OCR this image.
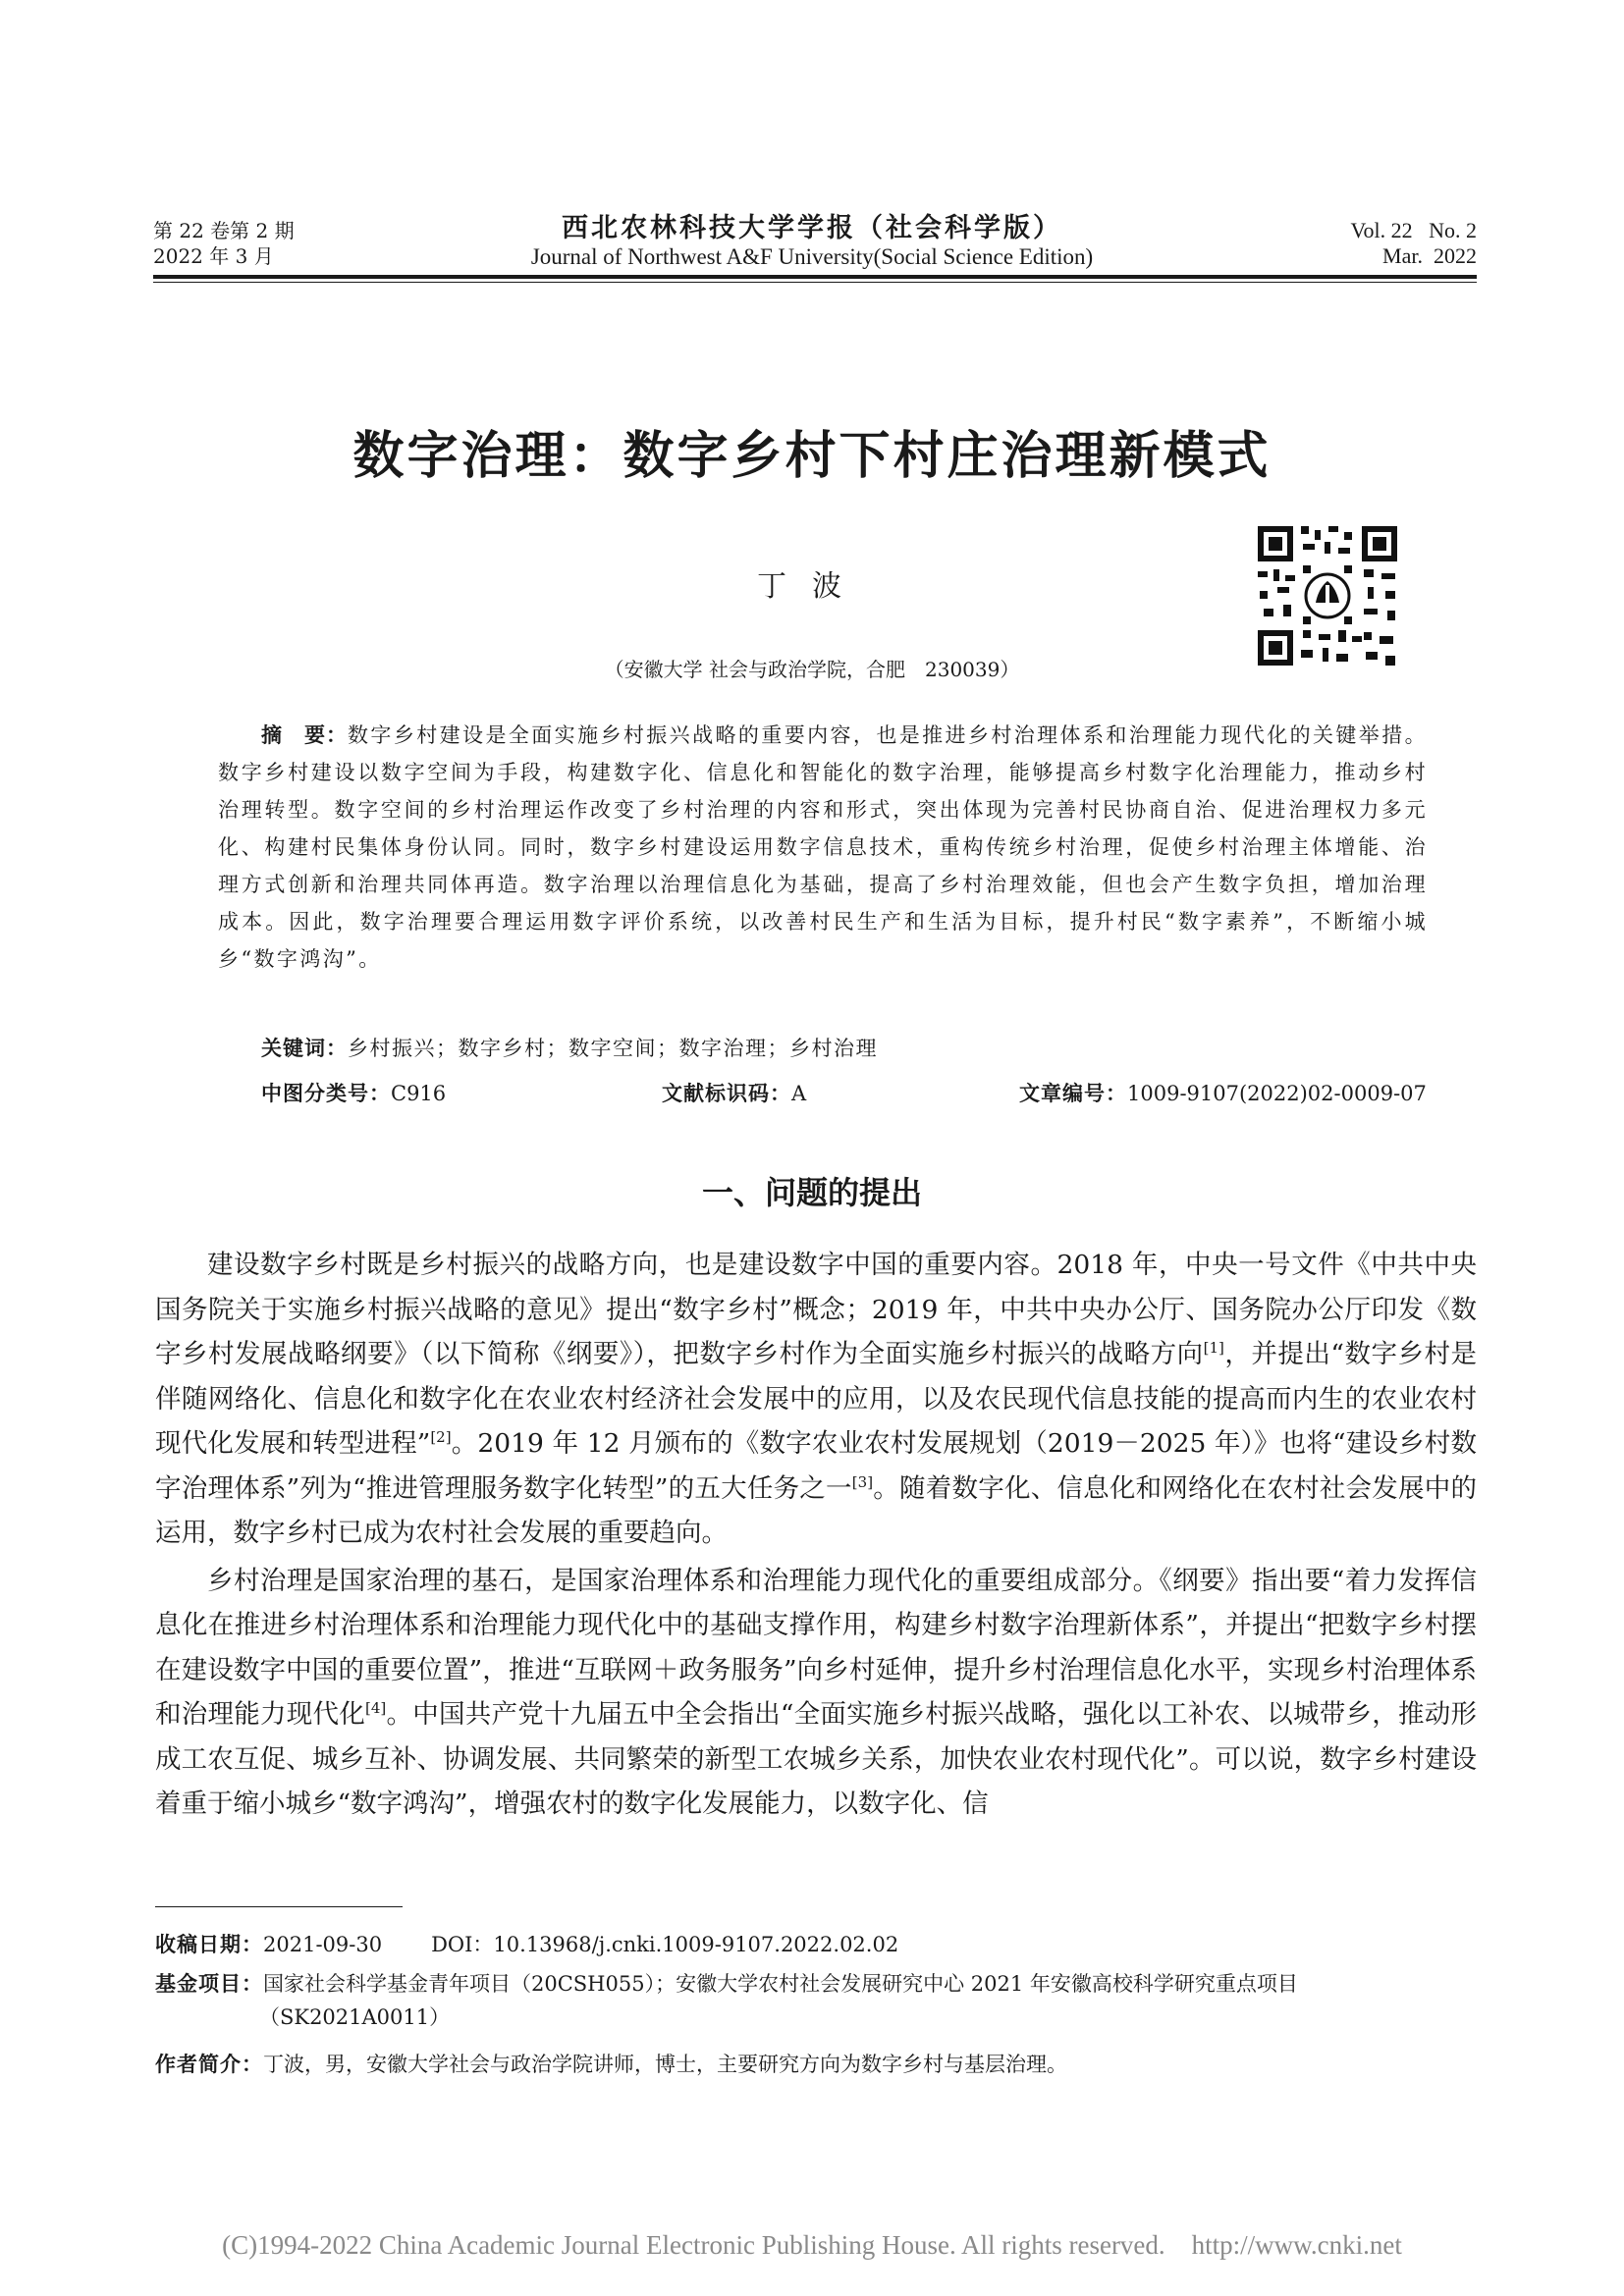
第 22 卷第 2 期
2022 年 3 月
西北农林科技大学学报（社会科学版）
Journal of Northwest A&F University(Social Science Edition)
Vol. 22   No. 2
Mar.  2022
数字治理：数字乡村下村庄治理新模式
丁波
（安徽大学 社会与政治学院，合肥　230039）
摘　要：数字乡村建设是全面实施乡村振兴战略的重要内容，也是推进乡村治理体系和治理能力现代化的关键举措。数字乡村建设以数字空间为手段，构建数字化、信息化和智能化的数字治理，能够提高乡村数字化治理能力，推动乡村治理转型。数字空间的乡村治理运作改变了乡村治理的内容和形式，突出体现为完善村民协商自治、促进治理权力多元化、构建村民集体身份认同。同时，数字乡村建设运用数字信息技术，重构传统乡村治理，促使乡村治理主体增能、治理方式创新和治理共同体再造。数字治理以治理信息化为基础，提高了乡村治理效能，但也会产生数字负担，增加治理成本。因此，数字治理要合理运用数字评价系统，以改善村民生产和生活为目标，提升村民“数字素养”，不断缩小城乡“数字鸿沟”。
关键词：乡村振兴；数字乡村；数字空间；数字治理；乡村治理
中图分类号：C916	文献标识码：A	文章编号：1009-9107(2022)02-0009-07
一、问题的提出

建设数字乡村既是乡村振兴的战略方向，也是建设数字中国的重要内容。2018 年，中央一号文件《中共中央国务院关于实施乡村振兴战略的意见》提出“数字乡村”概念；2019 年，中共中央办公厅、国务院办公厅印发《数字乡村发展战略纲要》（以下简称《纲要》），把数字乡村作为全面实施乡村振兴的战略方向[1]，并提出“数字乡村是伴随网络化、信息化和数字化在农业农村经济社会发展中的应用，以及农民现代信息技能的提高而内生的农业农村现代化发展和转型进程”[2]。2019 年 12 月颁布的《数字农业农村发展规划（2019－2025 年）》也将“建设乡村数字治理体系”列为“推进管理服务数字化转型”的五大任务之一[3]。随着数字化、信息化和网络化在农村社会发展中的运用，数字乡村已成为农村社会发展的重要趋向。

乡村治理是国家治理的基石，是国家治理体系和治理能力现代化的重要组成部分。《纲要》指出要“着力发挥信息化在推进乡村治理体系和治理能力现代化中的基础支撑作用，构建乡村数字治理新体系”，并提出“把数字乡村摆在建设数字中国的重要位置”，推进“互联网＋政务服务”向乡村延伸，提升乡村治理信息化水平，实现乡村治理体系和治理能力现代化[4]。中国共产党十九届五中全会指出“全面实施乡村振兴战略，强化以工补农、以城带乡，推动形成工农互促、城乡互补、协调发展、共同繁荣的新型工农城乡关系，加快农业农村现代化”。可以说，数字乡村建设着重于缩小城乡“数字鸿沟”，增强农村的数字化发展能力，以数字化、信

收稿日期：2021-09-30 DOI：10.13968/j.cnki.1009-9107.2022.02.02
基金项目：国家社会科学基金青年项目（20CSH055）；安徽大学农村社会发展研究中心 2021 年安徽高校科学研究重点项目
（SK2021A0011）
作者简介：丁波，男，安徽大学社会与政治学院讲师，博士，主要研究方向为数字乡村与基层治理。
(C)1994-2022 China Academic Journal Electronic Publishing House. All rights reserved.    http://www.cnki.net
